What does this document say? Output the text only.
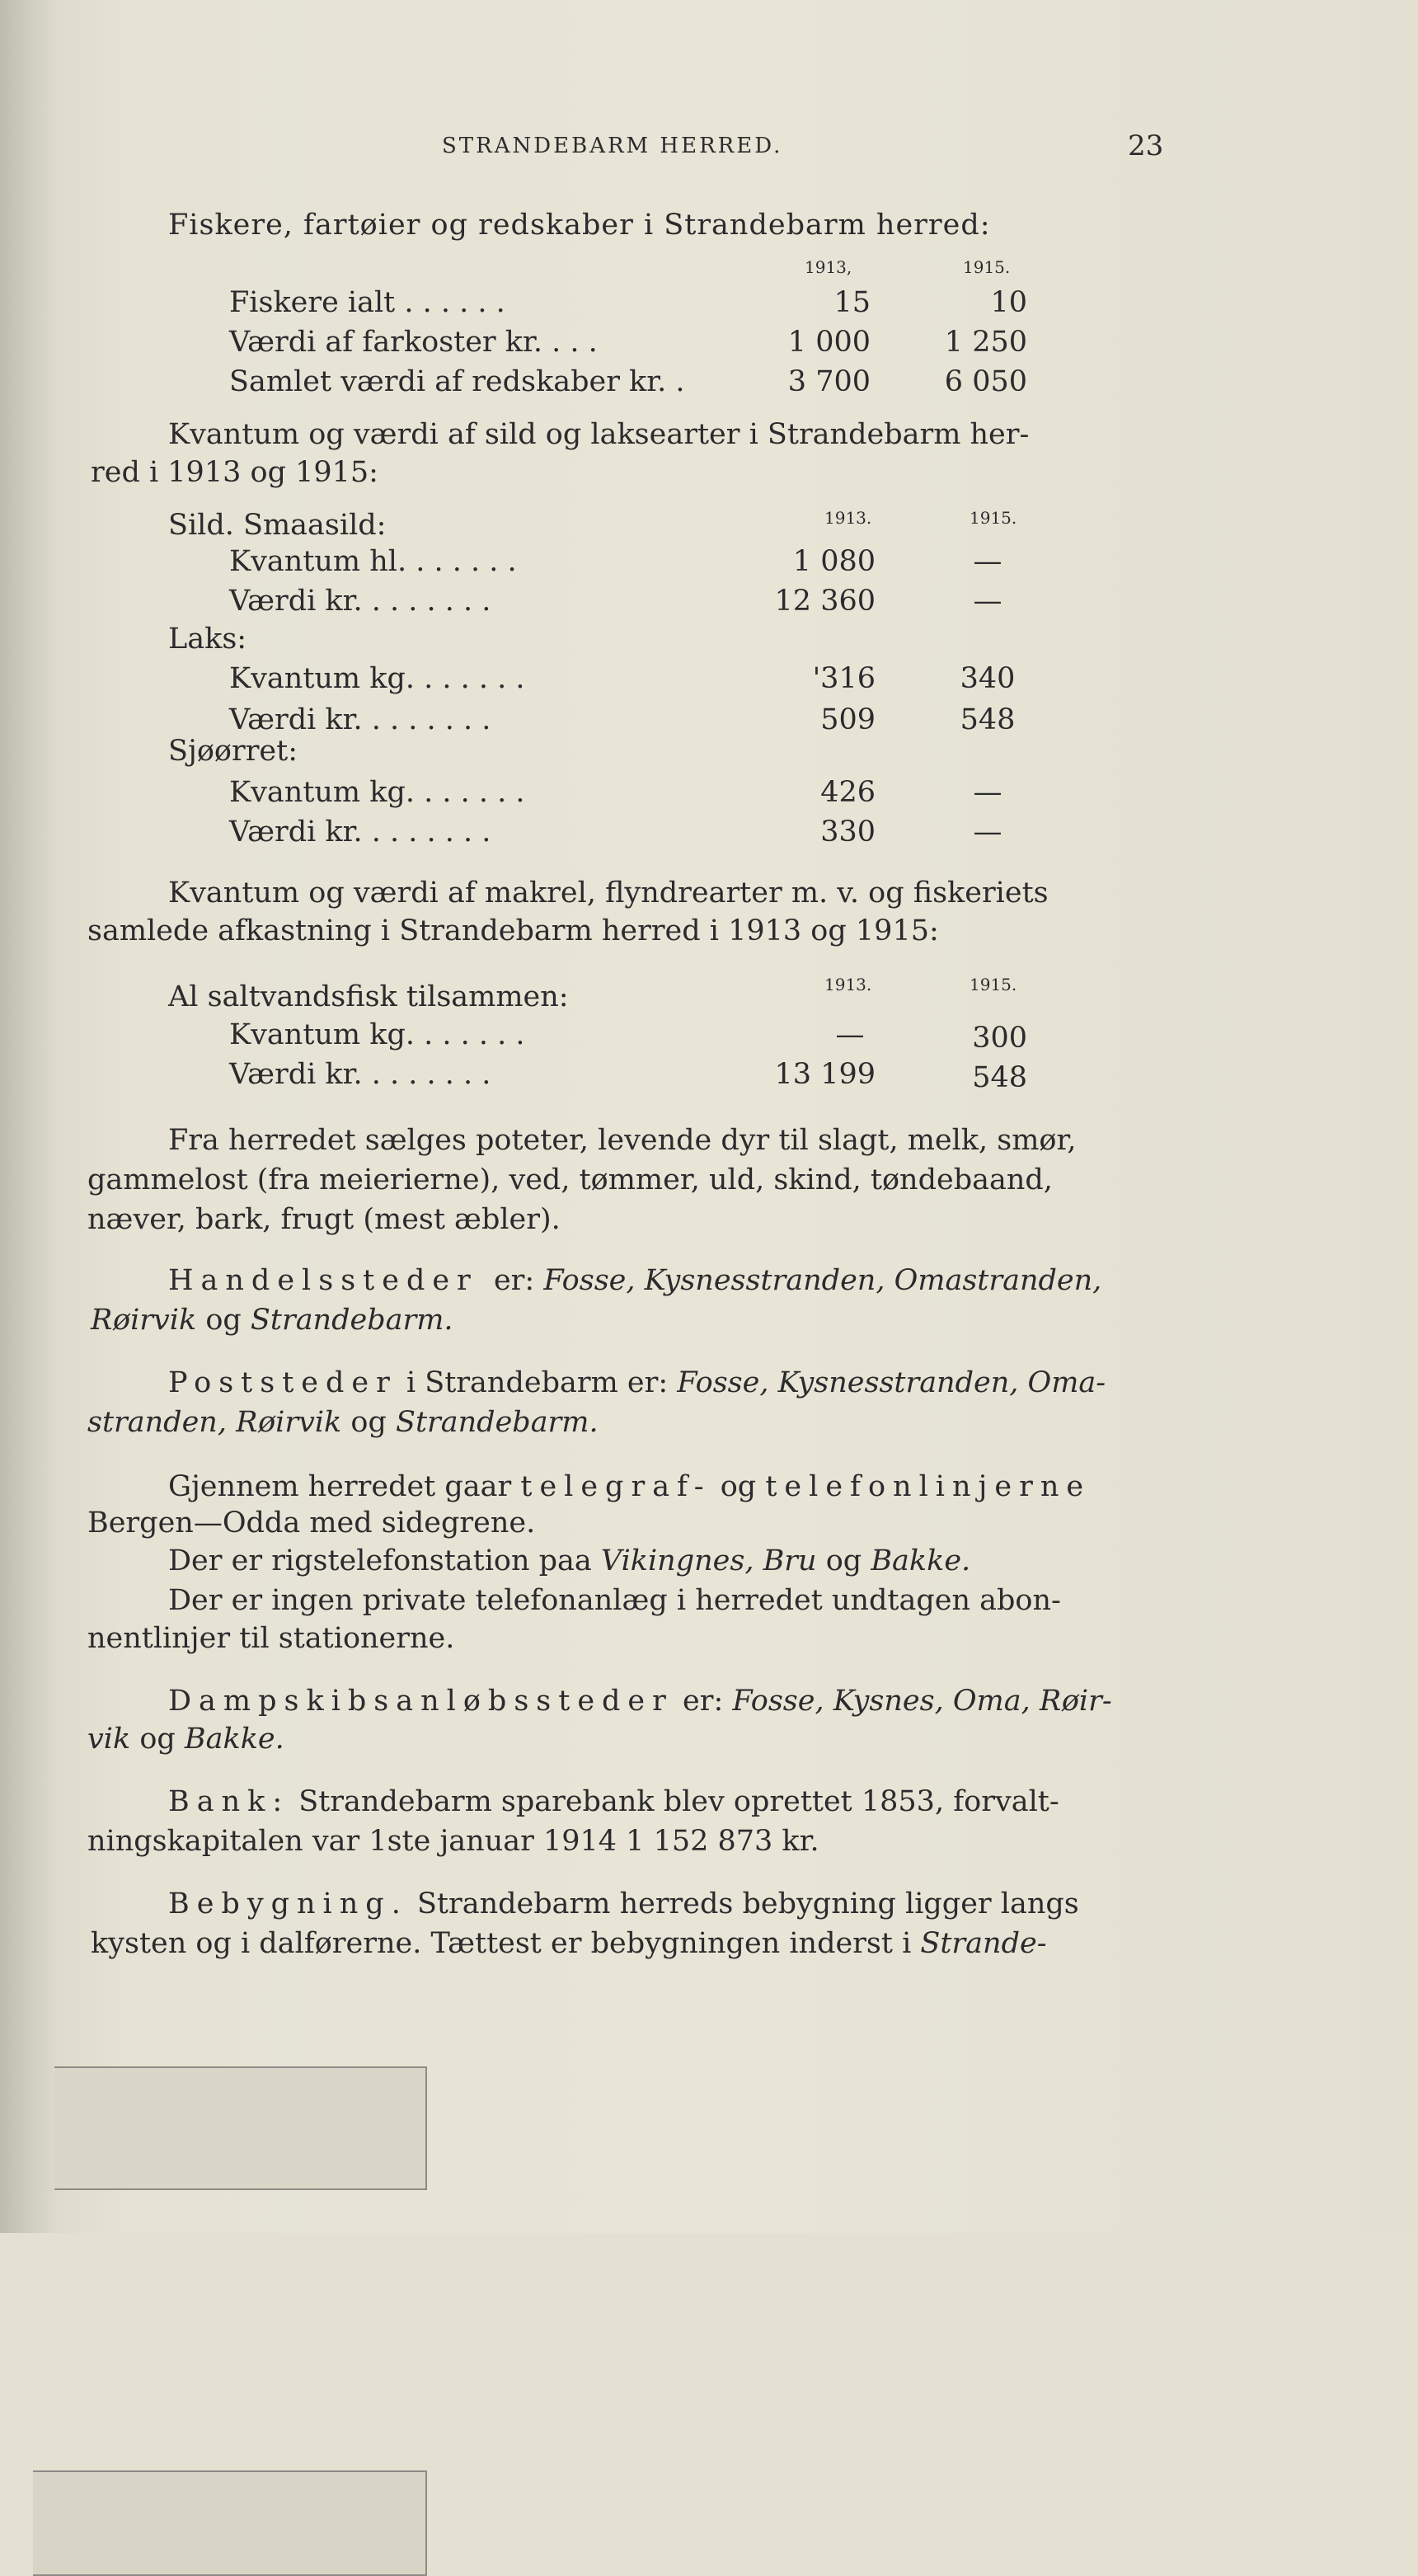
STRANDEBARM HERRED.	23
Fiskere, fartøier og redskaber i Strandebarm herred:
1913,	1915.
Fiskere ialt . . . . . .	15	10
Værdi af farkoster kr. . . .	1 000	1 250
Samlet værdi af redskaber kr. .	3 700	6 050
Kvantum og værdi af sild og laksearter i Strandebarm her-
red i 1913 og 1915:
Sild. Smaasild:	1913.	1915.
Kvantum hl. . . . . . .	1 080	—
Værdi kr. . . . . . . .	12 360	—
Laks:
Kvantum kg. . . . . . .	'316	340
Værdi kr. . . . . . . .	509	548
Sjøørret:
Kvantum kg. . . . . . .	426	—
Værdi kr. . . . . . . .	330	—
Kvantum og værdi af makrel, flyndrearter m. v. og fiskeriets
samlede afkastning i Strandebarm herred i 1913 og 1915:
Al saltvandsfisk tilsammen:	1913.	1915.
Kvantum kg. . . . . . .	—	300
Værdi kr. . . . . . . .	13 199	548
Fra herredet sælges poteter, levende dyr til slagt, melk, smør,
gammelost (fra meierierne), ved, tømmer, uld, skind, tøndebaand,
næver, bark, frugt (mest æbler).
Handelssteder er: Fosse, Kysnesstranden, Omastranden,
Røirvik og Strandebarm.
Poststeder i Strandebarm er: Fosse, Kysnesstranden, Oma-
stranden, Røirvik og Strandebarm.
Gjennem herredet gaar telegraf- og telefonlinjerne
Bergen—Odda med sidegrene.
Der er rigstelefonstation paa Vikingnes, Bru og Bakke.
Der er ingen private telefonanlæg i herredet undtagen abon-
nentlinjer til stationerne.
Dampskibsanløbssteder er: Fosse, Kysnes, Oma, Røir-
vik og Bakke.
Bank: Strandebarm sparebank blev oprettet 1853, forvalt-
ningskapitalen var 1ste januar 1914 1 152 873 kr.
Bebygning. Strandebarm herreds bebygning ligger langs
kysten og i dalførerne. Tættest er bebygningen inderst i Strande-
